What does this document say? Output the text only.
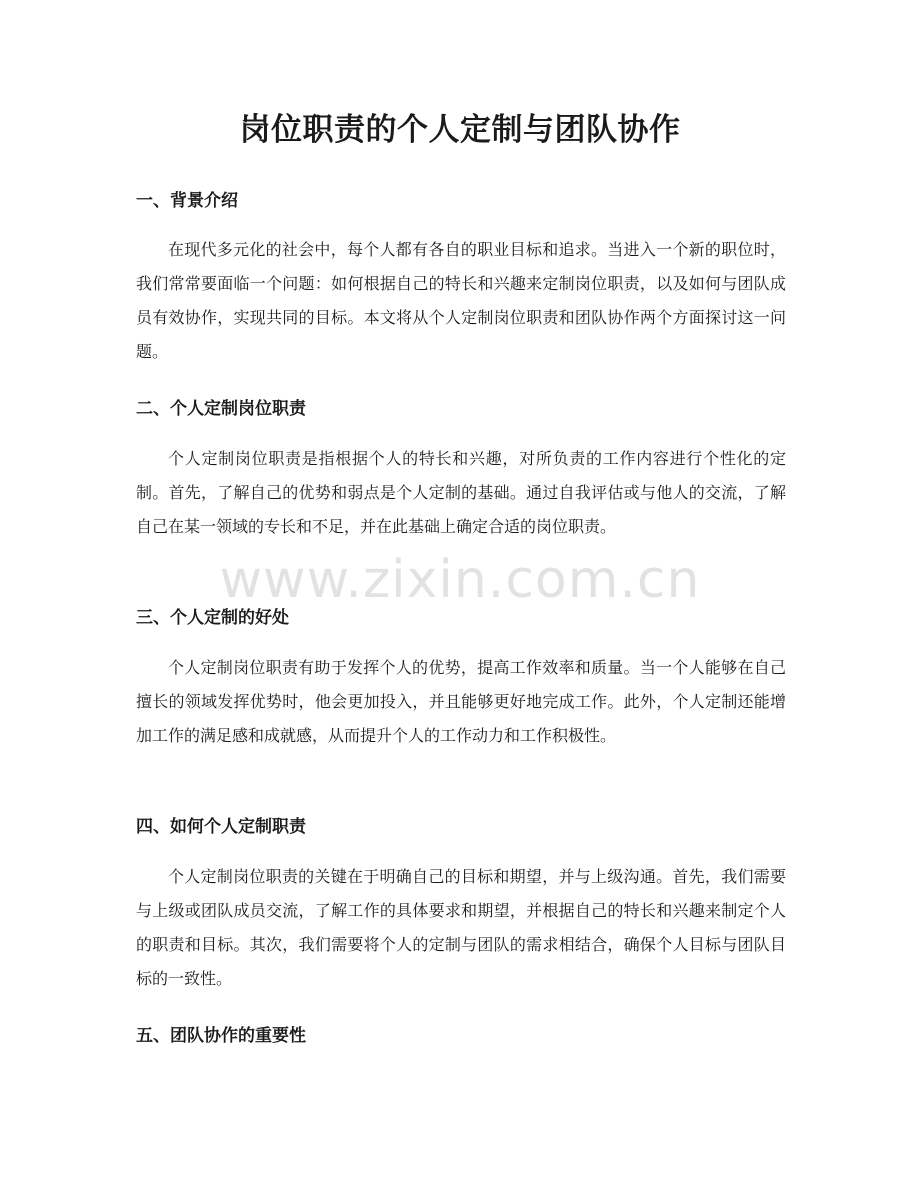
岗位职责的个人定制与团队协作
一、背景介绍

在现代多元化的社会中，每个人都有各自的职业目标和追求。当进入一个新的职位时，我们常常要面临一个问题：如何根据自己的特长和兴趣来定制岗位职责，以及如何与团队成员有效协作，实现共同的目标。本文将从个人定制岗位职责和团队协作两个方面探讨这一问题。

二、个人定制岗位职责

个人定制岗位职责是指根据个人的特长和兴趣，对所负责的工作内容进行个性化的定制。首先，了解自己的优势和弱点是个人定制的基础。通过自我评估或与他人的交流，了解自己在某一领域的专长和不足，并在此基础上确定合适的岗位职责。

三、个人定制的好处

个人定制岗位职责有助于发挥个人的优势，提高工作效率和质量。当一个人能够在自己擅长的领域发挥优势时，他会更加投入，并且能够更好地完成工作。此外，个人定制还能增加工作的满足感和成就感，从而提升个人的工作动力和工作积极性。

四、如何个人定制职责

个人定制岗位职责的关键在于明确自己的目标和期望，并与上级沟通。首先，我们需要与上级或团队成员交流，了解工作的具体要求和期望，并根据自己的特长和兴趣来制定个人的职责和目标。其次，我们需要将个人的定制与团队的需求相结合，确保个人目标与团队目标的一致性。

五、团队协作的重要性
www.zixin.com.cn
